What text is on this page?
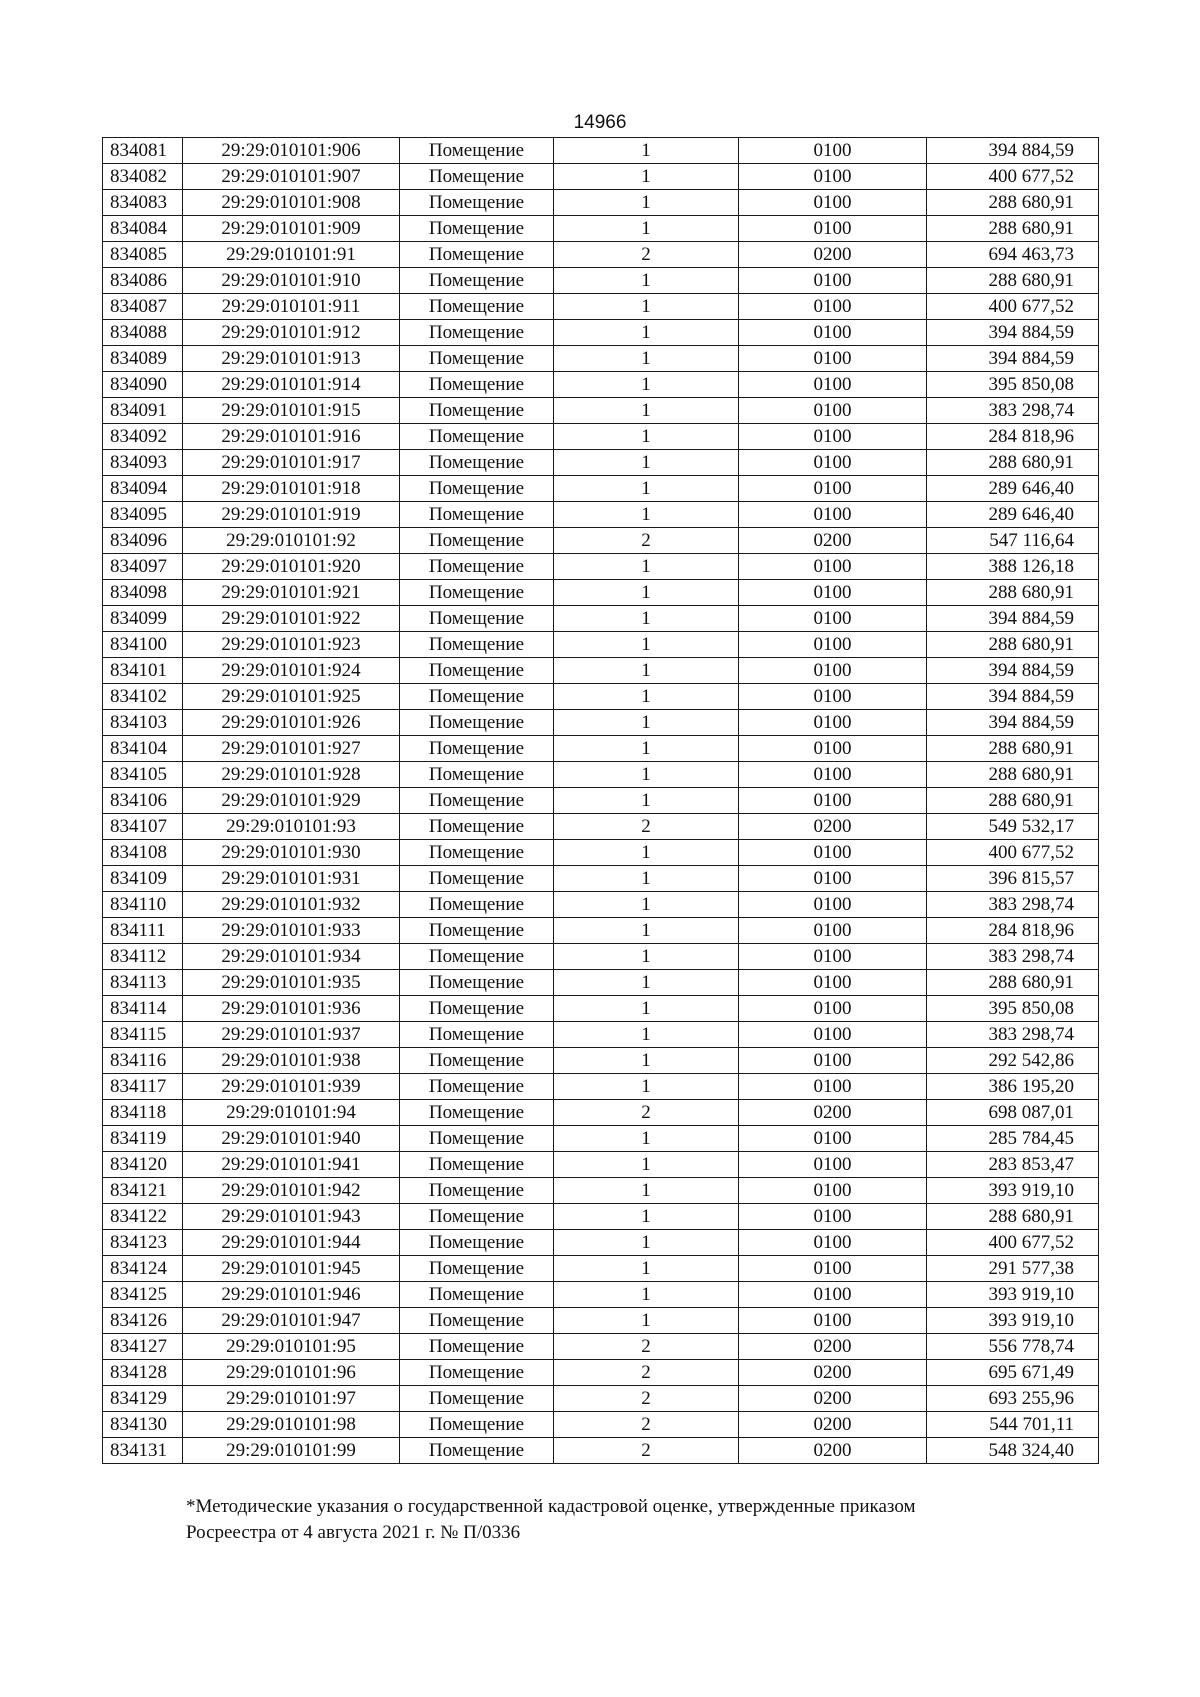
14966
834081	29:29:010101:906	Помещение	1	0100	394 884,59
834082	29:29:010101:907	Помещение	1	0100	400 677,52
834083	29:29:010101:908	Помещение	1	0100	288 680,91
834084	29:29:010101:909	Помещение	1	0100	288 680,91
834085	29:29:010101:91	Помещение	2	0200	694 463,73
834086	29:29:010101:910	Помещение	1	0100	288 680,91
834087	29:29:010101:911	Помещение	1	0100	400 677,52
834088	29:29:010101:912	Помещение	1	0100	394 884,59
834089	29:29:010101:913	Помещение	1	0100	394 884,59
834090	29:29:010101:914	Помещение	1	0100	395 850,08
834091	29:29:010101:915	Помещение	1	0100	383 298,74
834092	29:29:010101:916	Помещение	1	0100	284 818,96
834093	29:29:010101:917	Помещение	1	0100	288 680,91
834094	29:29:010101:918	Помещение	1	0100	289 646,40
834095	29:29:010101:919	Помещение	1	0100	289 646,40
834096	29:29:010101:92	Помещение	2	0200	547 116,64
834097	29:29:010101:920	Помещение	1	0100	388 126,18
834098	29:29:010101:921	Помещение	1	0100	288 680,91
834099	29:29:010101:922	Помещение	1	0100	394 884,59
834100	29:29:010101:923	Помещение	1	0100	288 680,91
834101	29:29:010101:924	Помещение	1	0100	394 884,59
834102	29:29:010101:925	Помещение	1	0100	394 884,59
834103	29:29:010101:926	Помещение	1	0100	394 884,59
834104	29:29:010101:927	Помещение	1	0100	288 680,91
834105	29:29:010101:928	Помещение	1	0100	288 680,91
834106	29:29:010101:929	Помещение	1	0100	288 680,91
834107	29:29:010101:93	Помещение	2	0200	549 532,17
834108	29:29:010101:930	Помещение	1	0100	400 677,52
834109	29:29:010101:931	Помещение	1	0100	396 815,57
834110	29:29:010101:932	Помещение	1	0100	383 298,74
834111	29:29:010101:933	Помещение	1	0100	284 818,96
834112	29:29:010101:934	Помещение	1	0100	383 298,74
834113	29:29:010101:935	Помещение	1	0100	288 680,91
834114	29:29:010101:936	Помещение	1	0100	395 850,08
834115	29:29:010101:937	Помещение	1	0100	383 298,74
834116	29:29:010101:938	Помещение	1	0100	292 542,86
834117	29:29:010101:939	Помещение	1	0100	386 195,20
834118	29:29:010101:94	Помещение	2	0200	698 087,01
834119	29:29:010101:940	Помещение	1	0100	285 784,45
834120	29:29:010101:941	Помещение	1	0100	283 853,47
834121	29:29:010101:942	Помещение	1	0100	393 919,10
834122	29:29:010101:943	Помещение	1	0100	288 680,91
834123	29:29:010101:944	Помещение	1	0100	400 677,52
834124	29:29:010101:945	Помещение	1	0100	291 577,38
834125	29:29:010101:946	Помещение	1	0100	393 919,10
834126	29:29:010101:947	Помещение	1	0100	393 919,10
834127	29:29:010101:95	Помещение	2	0200	556 778,74
834128	29:29:010101:96	Помещение	2	0200	695 671,49
834129	29:29:010101:97	Помещение	2	0200	693 255,96
834130	29:29:010101:98	Помещение	2	0200	544 701,11
834131	29:29:010101:99	Помещение	2	0200	548 324,40

*Методические указания о государственной кадастровой оценке, утвержденные приказом

Росреестра от 4 августа 2021 г. № П/0336
